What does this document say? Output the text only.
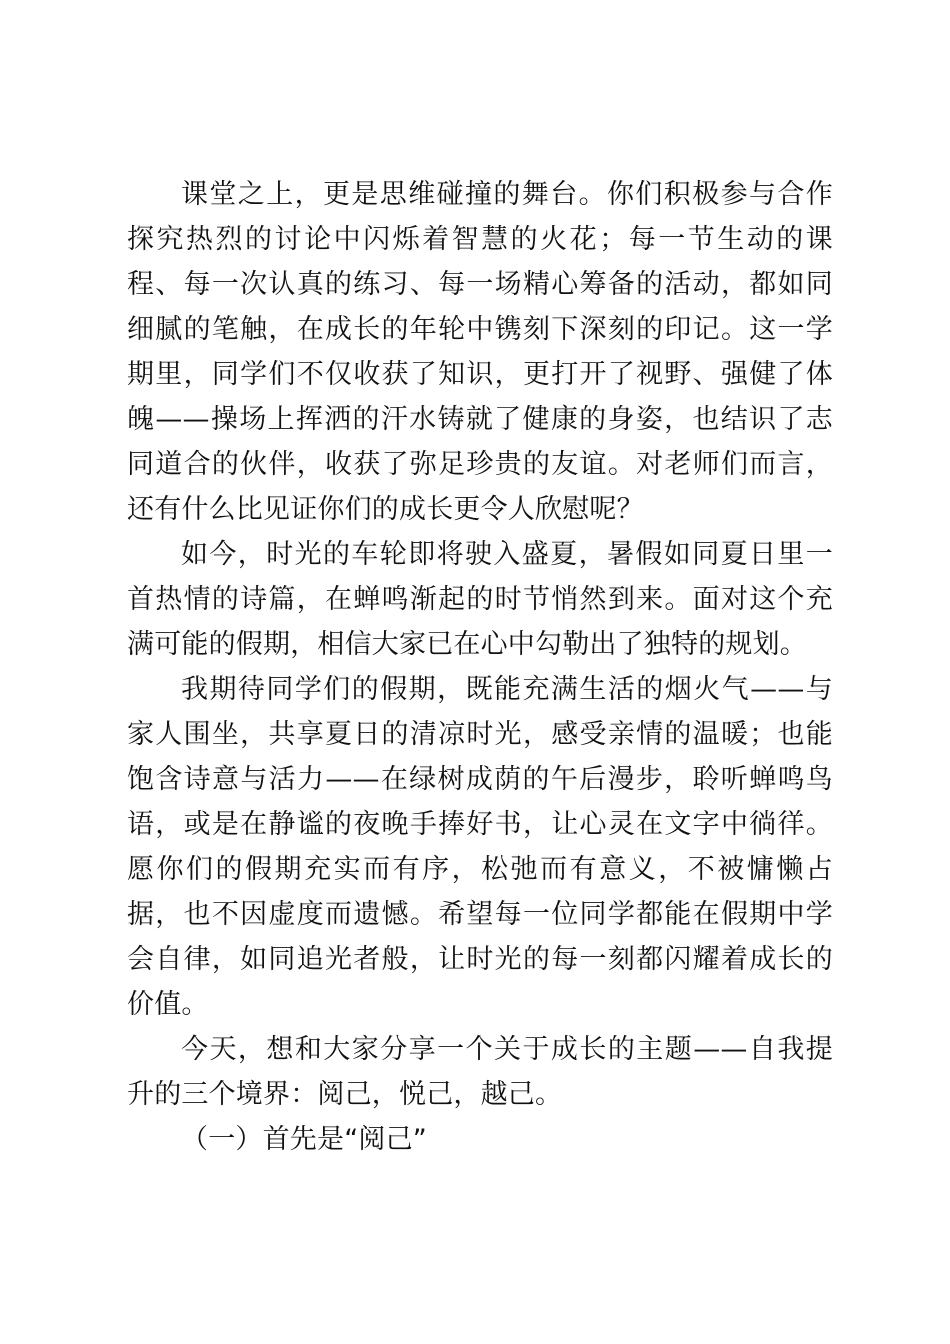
课堂之上，更是思维碰撞的舞台。你们积极参与合作探究热烈的讨论中闪烁着智慧的火花；每一节生动的课程、每一次认真的练习、每一场精心筹备的活动，都如同细腻的笔触，在成长的年轮中镌刻下深刻的印记。这一学期里，同学们不仅收获了知识，更打开了视野、强健了体魄——操场上挥洒的汗水铸就了健康的身姿，也结识了志同道合的伙伴，收获了弥足珍贵的友谊。对老师们而言，还有什么比见证你们的成长更令人欣慰呢？

如今，时光的车轮即将驶入盛夏，暑假如同夏日里一首热情的诗篇，在蝉鸣渐起的时节悄然到来。面对这个充满可能的假期，相信大家已在心中勾勒出了独特的规划。

我期待同学们的假期，既能充满生活的烟火气——与家人围坐，共享夏日的清凉时光，感受亲情的温暖；也能饱含诗意与活力——在绿树成荫的午后漫步，聆听蝉鸣鸟语，或是在静谧的夜晚手捧好书，让心灵在文字中徜徉。愿你们的假期充实而有序，松弛而有意义，不被慵懒占据，也不因虚度而遗憾。希望每一位同学都能在假期中学会自律，如同追光者般，让时光的每一刻都闪耀着成长的价值。

今天，想和大家分享一个关于成长的主题——自我提升的三个境界：阅己，悦己，越己。

（一）首先是“阅己”
